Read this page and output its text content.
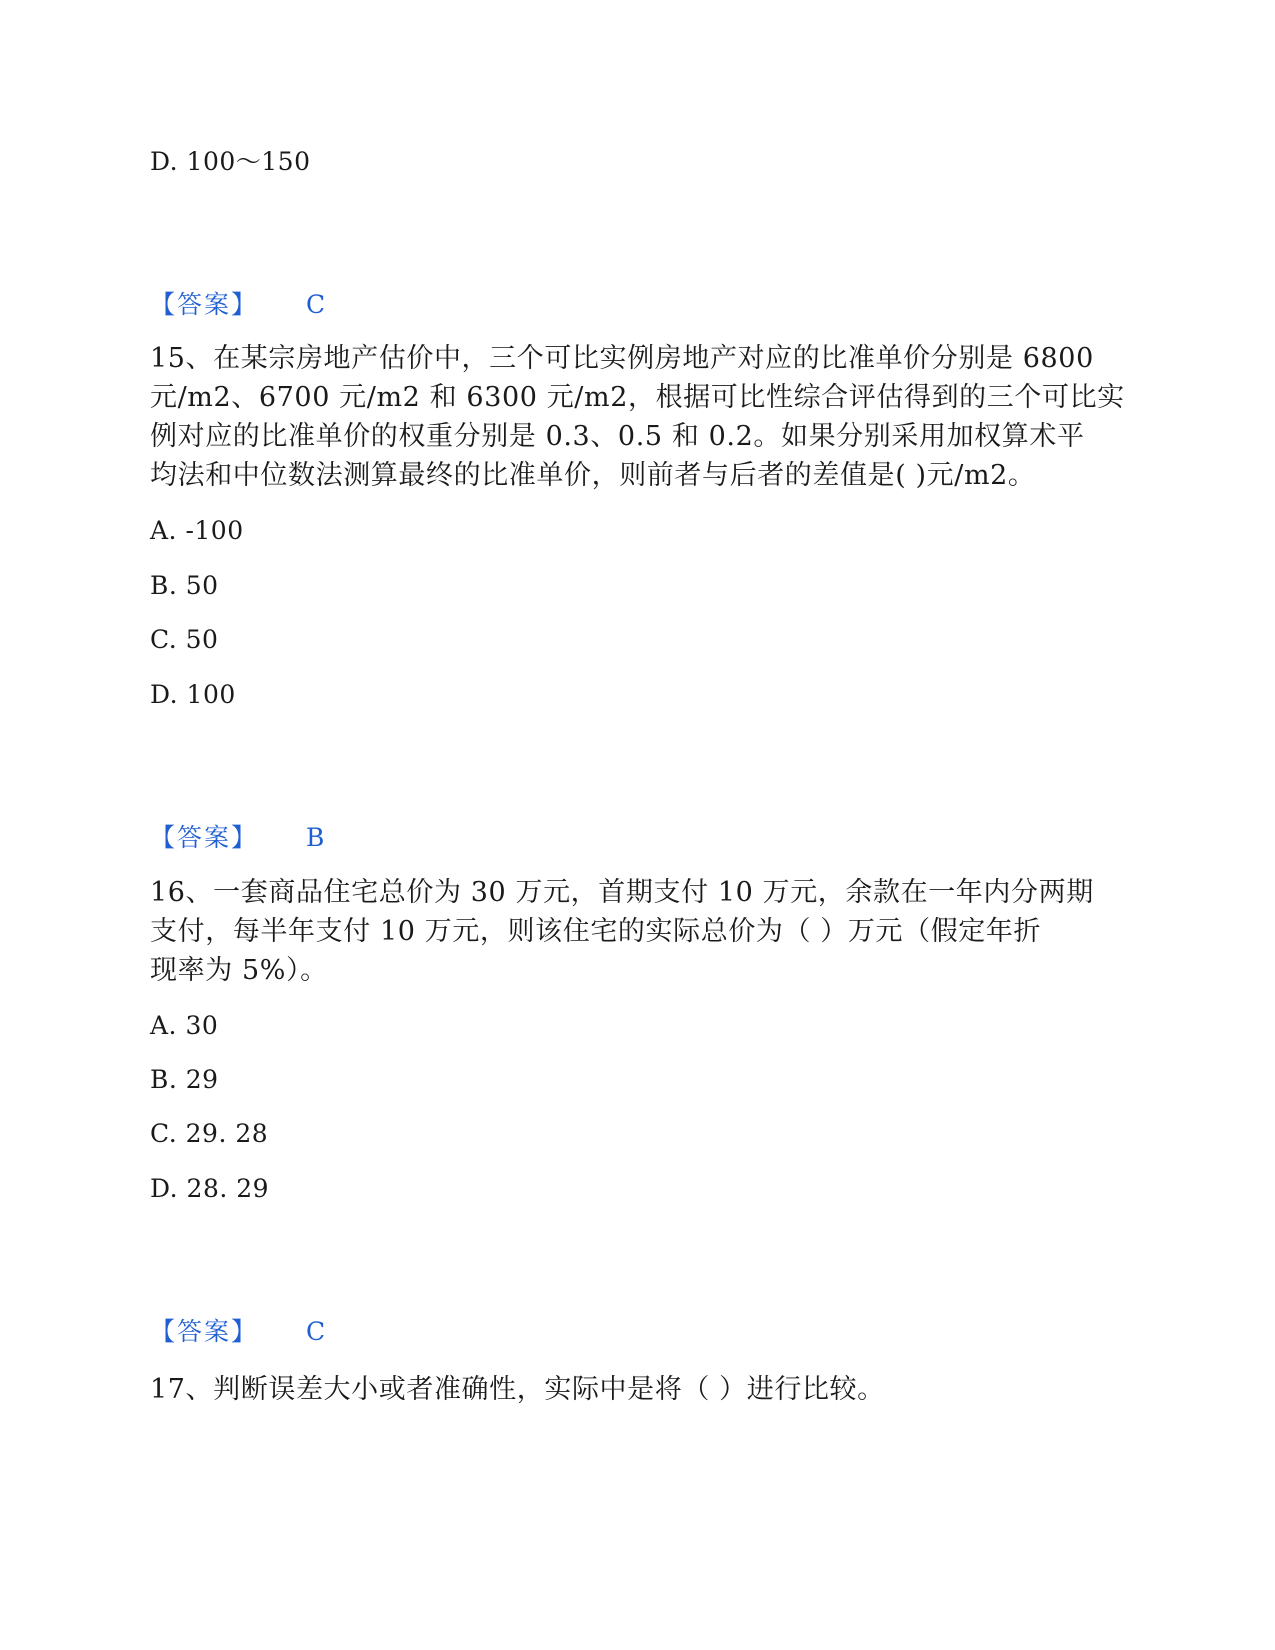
D. 100～150
【答案】 C
15、在某宗房地产估价中，三个可比实例房地产对应的比准单价分别是 6800
元/m2、6700 元/m2 和 6300 元/m2，根据可比性综合评估得到的三个可比实
例对应的比准单价的权重分别是 0.3、0.5 和 0.2。如果分别采用加权算术平
均法和中位数法测算最终的比准单价，则前者与后者的差值是( )元/m2。
A. -100
B. 50
C. 50
D. 100
【答案】 B
16、一套商品住宅总价为 30 万元，首期支付 10 万元，余款在一年内分两期
支付，每半年支付 10 万元，则该住宅的实际总价为（ ）万元（假定年折
现率为 5%）。
A. 30
B. 29
C. 29. 28
D. 28. 29
【答案】 C
17、判断误差大小或者准确性，实际中是将（ ）进行比较。
